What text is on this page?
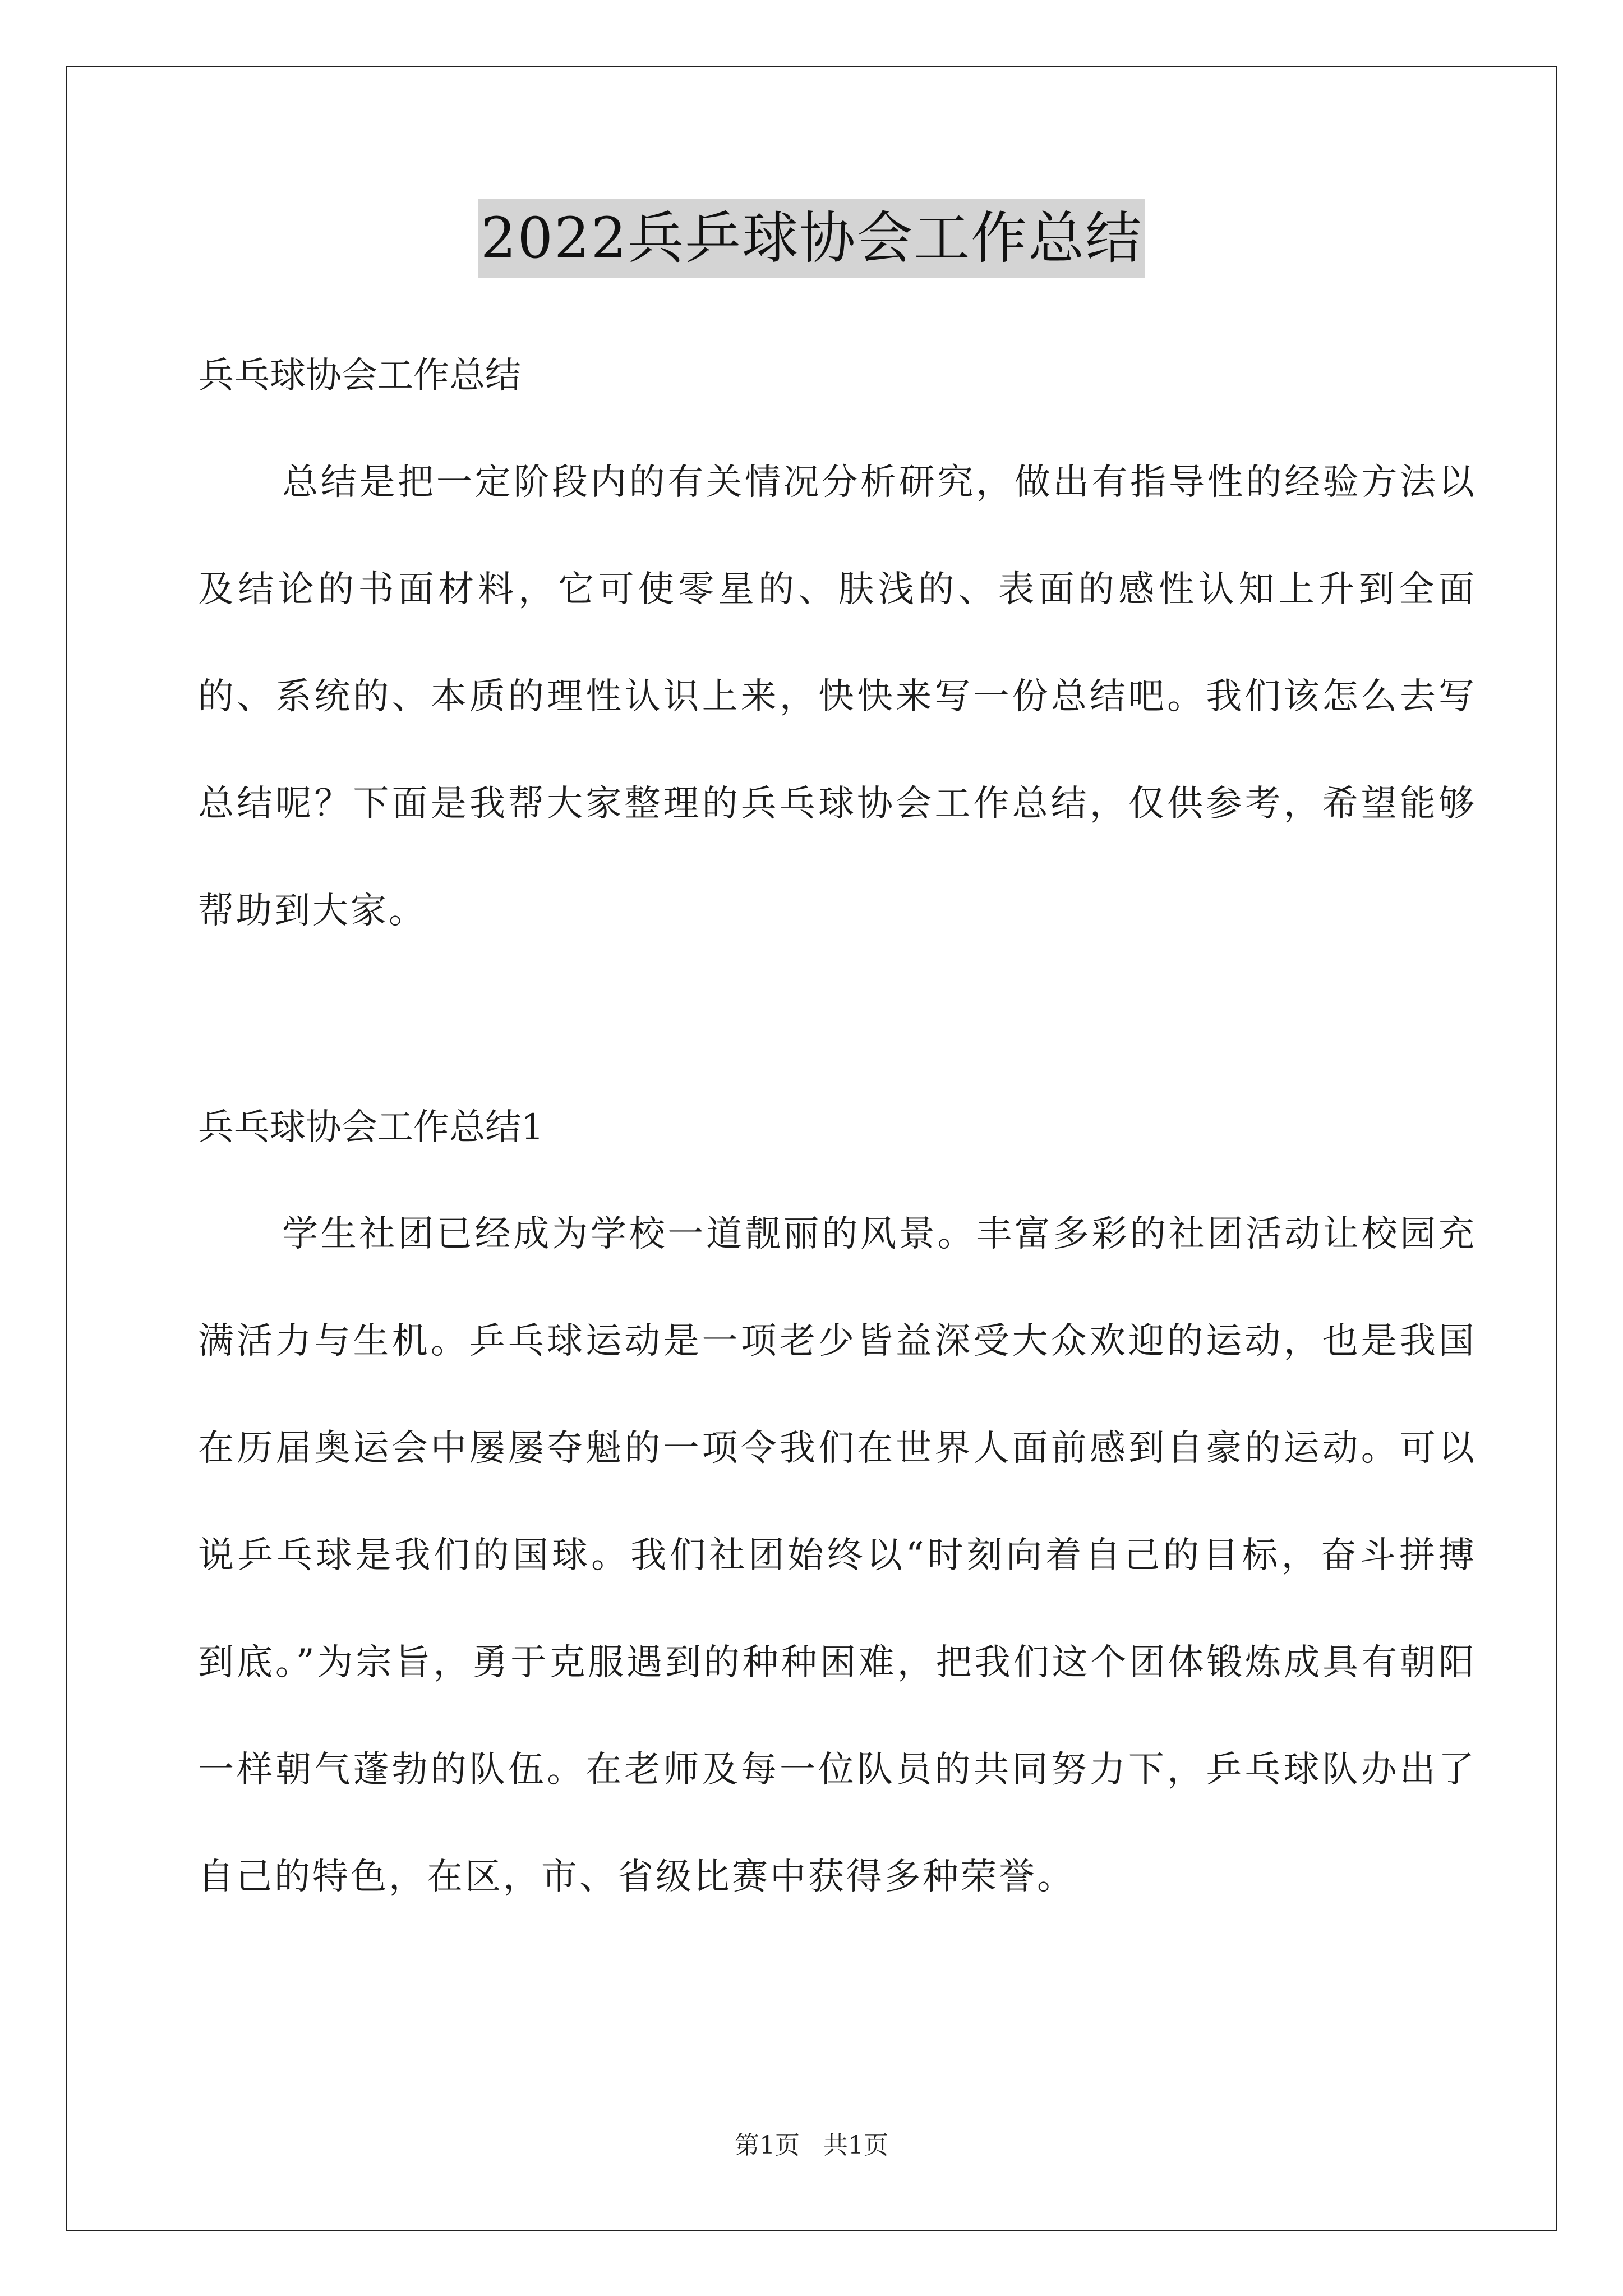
2022兵乒球协会工作总结

兵乓球协会工作总结

总结是把一定阶段内的有关情况分析研究，做出有指导性的经验方法以及结论的书面材料，它可使零星的、肤浅的、表面的感性认知上升到全面的、系统的、本质的理性认识上来，快快来写一份总结吧。我们该怎么去写总结呢？下面是我帮大家整理的兵乓球协会工作总结，仅供参考，希望能够帮助到大家。

兵乓球协会工作总结1

学生社团已经成为学校一道靓丽的风景。丰富多彩的社团活动让校园充满活力与生机。乒乓球运动是一项老少皆益深受大众欢迎的运动，也是我国在历届奥运会中屡屡夺魁的一项令我们在世界人面前感到自豪的运动。可以说乒乓球是我们的国球。我们社团始终以“时刻向着自己的目标，奋斗拼搏到底。”为宗旨，勇于克服遇到的种种困难，把我们这个团体锻炼成具有朝阳一样朝气蓬勃的队伍。在老师及每一位队员的共同努力下，乒乓球队办出了自己的特色，在区，市、省级比赛中获得多种荣誉。

第1页   共1页
